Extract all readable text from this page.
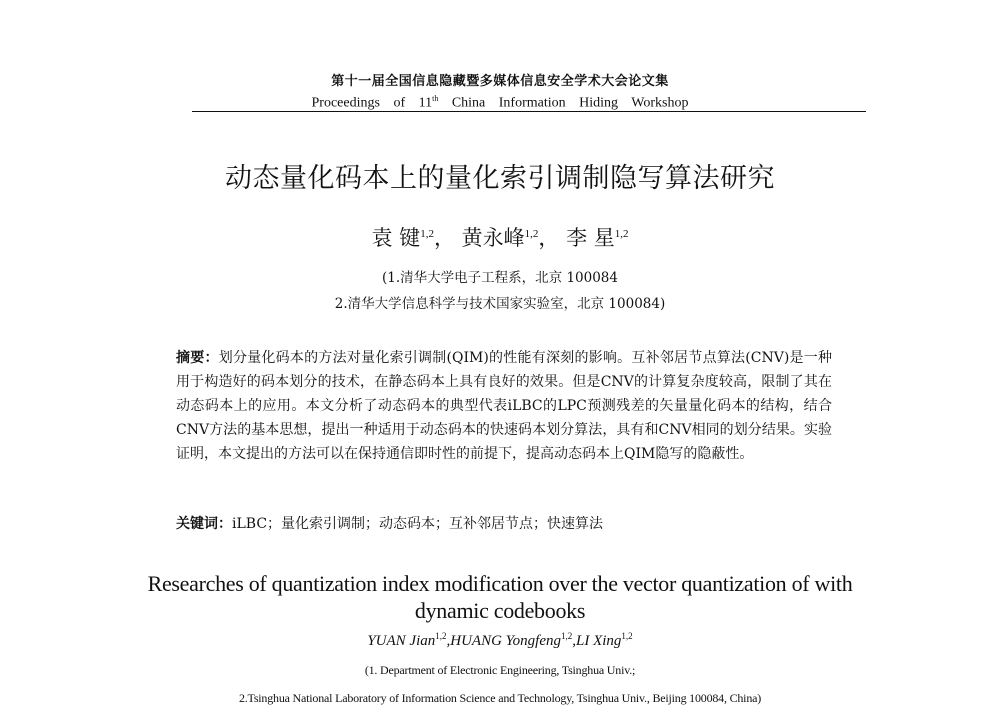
第十一届全国信息隐藏暨多媒体信息安全学术大会论文集
Proceedings of 11th China Information Hiding Workshop
动态量化码本上的量化索引调制隐写算法研究
袁 键$^{1,2}$， 黄永峰$^{1,2}$， 李 星$^{1,2}$
(1.清华大学电子工程系，北京 100084
2.清华大学信息科学与技术国家实验室，北京 100084)
摘要：划分量化码本的方法对量化索引调制(QIM)的性能有深刻的影响。互补邻居节点算法(CNV)是一种用于构造好的码本划分的技术，在静态码本上具有良好的效果。但是CNV的计算复杂度较高，限制了其在动态码本上的应用。本文分析了动态码本的典型代表iLBC的LPC预测残差的矢量量化码本的结构，结合CNV方法的基本思想，提出一种适用于动态码本的快速码本划分算法，具有和CNV相同的划分结果。实验证明，本文提出的方法可以在保持通信即时性的前提下，提高动态码本上QIM隐写的隐蔽性。
关键词：iLBC；量化索引调制；动态码本；互补邻居节点；快速算法
Researches of quantization index modification over the vector quantization of with
dynamic codebooks
YUAN Jian$^{1,2}$,HUANG Yongfeng$^{1,2}$,LI Xing$^{1,2}$
(1. Department of Electronic Engineering, Tsinghua Univ.;
2.Tsinghua National Laboratory of Information Science and Technology, Tsinghua Univ., Beijing 100084, China)
